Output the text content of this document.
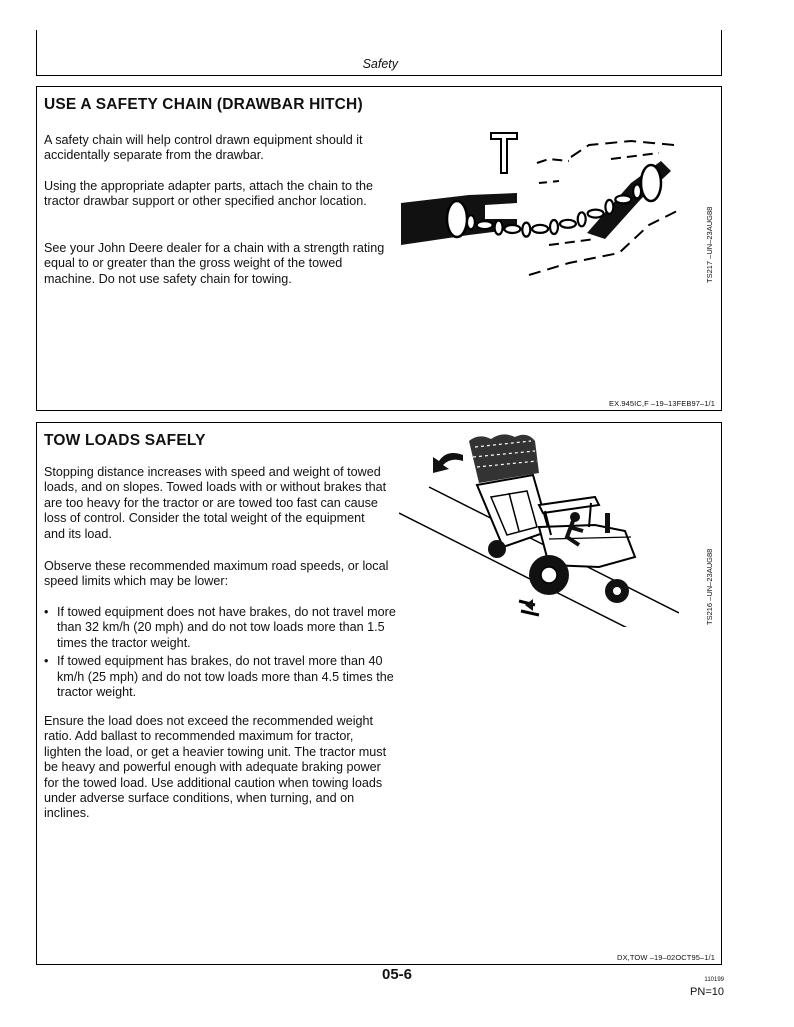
Safety
USE A SAFETY CHAIN (DRAWBAR HITCH)

A safety chain will help control drawn equipment should it accidentally separate from the drawbar.

Using the appropriate adapter parts, attach the chain to the tractor drawbar support or other specified anchor location.

See your John Deere dealer for a chain with a strength rating equal to or greater than the gross weight of the towed machine. Do not use safety chain for towing.	TS217 –UN–23AUG88
EX.945IC,F –19–13FEB97–1/1
TOW LOADS SAFELY

Stopping distance increases with speed and weight of towed loads, and on slopes. Towed loads with or without brakes that are too heavy for the tractor or are towed too fast can cause loss of control. Consider the total weight of the equipment and its load.

Observe these recommended maximum road speeds, or local speed limits which may be lower:

• If towed equipment does not have brakes, do not travel more than 32 km/h (20 mph) and do not tow loads more than 1.5 times the tractor weight.
• If towed equipment has brakes, do not travel more than 40 km/h (25 mph) and do not tow loads more than 4.5 times the tractor weight.

Ensure the load does not exceed the recommended weight ratio. Add ballast to recommended maximum for tractor, lighten the load, or get a heavier towing unit. The tractor must be heavy and powerful enough with adequate braking power for the towed load. Use additional caution when towing loads under adverse surface conditions, when turning, and on inclines.

TS216 –UN–23AUG88
DX,TOW –19–02OCT95–1/1
05-6	110199
PN=10
